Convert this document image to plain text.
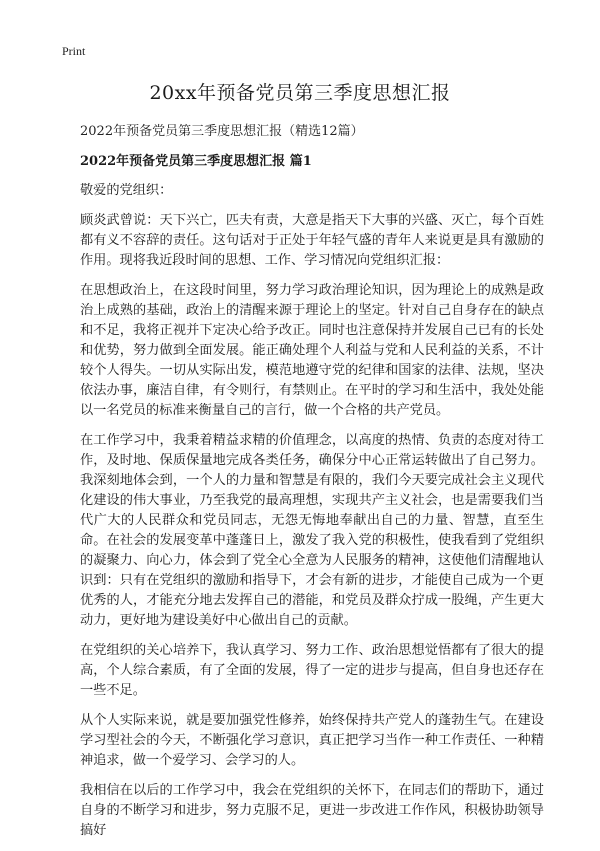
Print
20xx年预备党员第三季度思想汇报

2022年预备党员第三季度思想汇报（精选12篇）

2022年预备党员第三季度思想汇报 篇1

敬爱的党组织：

顾炎武曾说：天下兴亡，匹夫有责，大意是指天下大事的兴盛、灭亡，每个百姓都有义不容辞的责任。这句话对于正处于年轻气盛的青年人来说更是具有激励的作用。现将我近段时间的思想、工作、学习情况向党组织汇报：

在思想政治上，在这段时间里，努力学习政治理论知识，因为理论上的成熟是政治上成熟的基础，政治上的清醒来源于理论上的坚定。针对自己自身存在的缺点和不足，我将正视并下定决心给予改正。同时也注意保持并发展自己已有的长处和优势，努力做到全面发展。能正确处理个人利益与党和人民利益的关系，不计较个人得失。一切从实际出发，模范地遵守党的纪律和国家的法律、法规，坚决依法办事，廉洁自律，有令则行，有禁则止。在平时的学习和生活中，我处处能以一名党员的标准来衡量自己的言行，做一个合格的共产党员。

在工作学习中，我秉着精益求精的价值理念，以高度的热情、负责的态度对待工作，及时地、保质保量地完成各类任务，确保分中心正常运转做出了自己努力。我深刻地体会到，一个人的力量和智慧是有限的，我们今天要完成社会主义现代化建设的伟大事业，乃至我党的最高理想，实现共产主义社会，也是需要我们当代广大的人民群众和党员同志，无怨无悔地奉献出自己的力量、智慧，直至生命。在社会的发展变革中蓬蓬日上，激发了我入党的积极性，使我看到了党组织的凝聚力、向心力，体会到了党全心全意为人民服务的精神，这使他们清醒地认识到：只有在党组织的激励和指导下，才会有新的进步，才能使自己成为一个更优秀的人，才能充分地去发挥自己的潜能，和党员及群众拧成一股绳，产生更大动力，更好地为建设美好中心做出自己的贡献。

在党组织的关心培养下，我认真学习、努力工作、政治思想觉悟都有了很大的提高，个人综合素质，有了全面的发展，得了一定的进步与提高，但自身也还存在一些不足。

从个人实际来说，就是要加强党性修养，始终保持共产党人的蓬勃生气。在建设学习型社会的今天，不断强化学习意识，真正把学习当作一种工作责任、一种精神追求，做一个爱学习、会学习的人。

我相信在以后的工作学习中，我会在党组织的关怀下，在同志们的帮助下，通过自身的不断学习和进步，努力克服不足，更进一步改进工作作风，积极协助领导搞好
